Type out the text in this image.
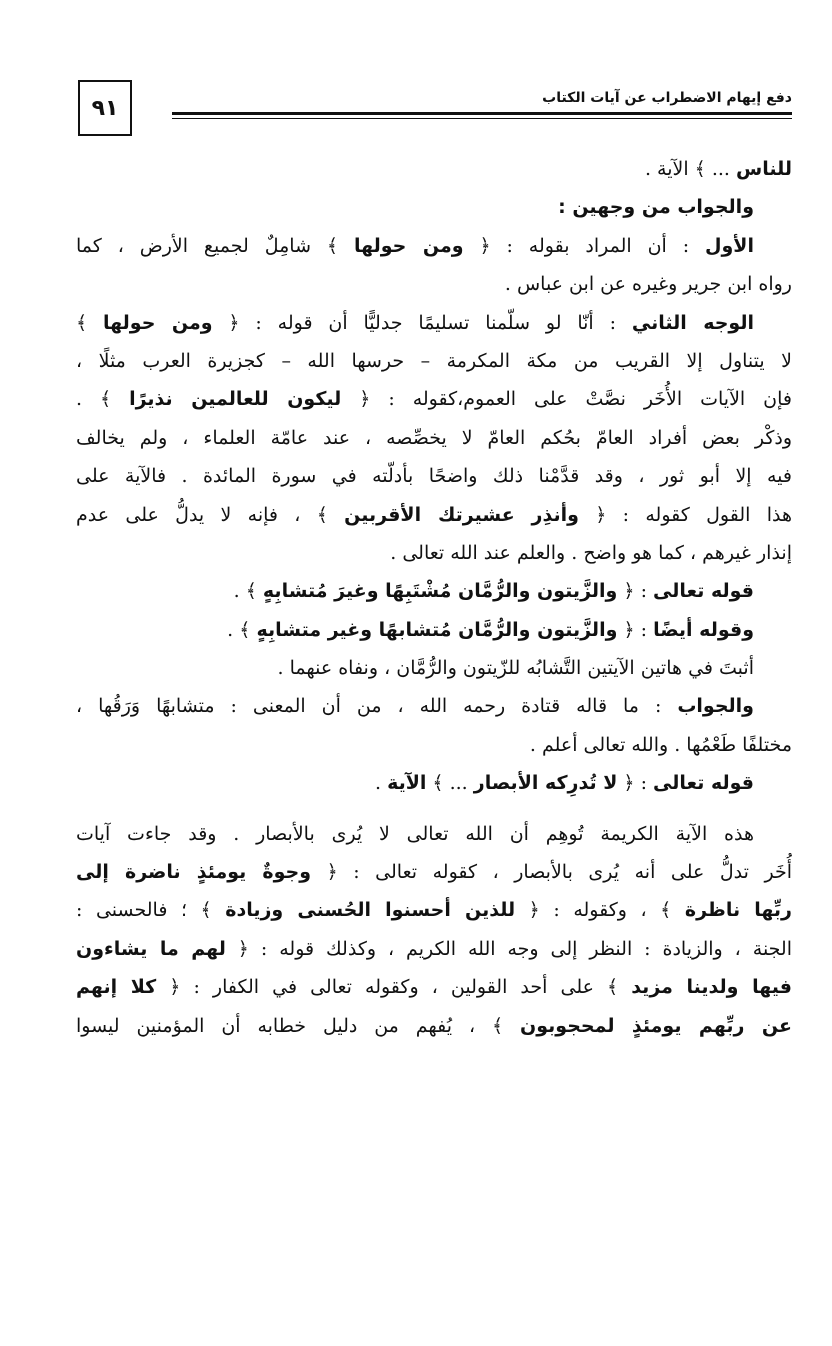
٩١	دفع إيهام الاضطراب عن آيات الكتاب
للناس ... ﴾ الآية .
والجواب من وجهين :
الأول : أن المراد بقوله : ﴿ ومن حولها ﴾ شامِلٌ لجميع الأرض ، كما
رواه ابن جرير وغيره عن ابن عباس .
الوجه الثاني : أنّا لو سلّمنا تسليمًا جدليًّا أن قوله : ﴿ ومن حولها ﴾
لا يتناول إلا القريب من مكة المكرمة – حرسها الله – كجزيرة العرب مثلًا ،
فإن الآيات الأُخَر نصَّتْ على العموم،كقوله : ﴿ ليكون للعالمين نذيرًا ﴾ .
وذكْر بعض أفراد العامّ بحُكم العامّ لا يخصِّصه ، عند عامّة العلماء ، ولم يخالف
فيه إلا أبو ثور ، وقد قدَّمْنا ذلك واضحًا بأدلّته في سورة المائدة . فالآية على
هذا القول كقوله : ﴿ وأنذِر عشيرتك الأقربين ﴾ ، فإنه لا يدلُّ على عدم
إنذار غيرهم ، كما هو واضح . والعلم عند الله تعالى .
قوله تعالى : ﴿ والزَّيتون والرُّمَّان مُشْتَبِهًا وغيرَ مُتشابِهٍ ﴾ .
وقوله أيضًا : ﴿ والزَّيتون والرُّمَّان مُتشابهًا وغير متشابِهٍ ﴾ .
أثبتَ في هاتين الآيتين التَّشابُه للزّيتون والرُّمَّان ، ونفاه عنهما .
والجواب : ما قاله قتادة رحمه الله ، من أن المعنى : متشابهًا وَرَقُها ،
مختلفًا طَعْمُها . والله تعالى أعلم .
قوله تعالى : ﴿ لا تُدرِكه الأبصار ... ﴾ الآية .
هذه الآية الكريمة تُوهِم أن الله تعالى لا يُرى بالأبصار . وقد جاءت آيات
أُخَر تدلُّ على أنه يُرى بالأبصار ، كقوله تعالى : ﴿ وجوةٌ يومئذٍ ناضرة إلى
ربِّها ناظرة ﴾ ، وكقوله : ﴿ للذين أحسنوا الحُسنى وزيادة ﴾ ؛ فالحسنى :
الجنة ، والزيادة : النظر إلى وجه الله الكريم ، وكذلك قوله : ﴿ لهم ما يشاءون
فيها ولدينا مزيد ﴾ على أحد القولين ، وكقوله تعالى في الكفار : ﴿ كلا إنهم
عن ربِّهم يومئذٍ لمحجوبون ﴾ ، يُفهم من دليل خطابه أن المؤمنين ليسوا
